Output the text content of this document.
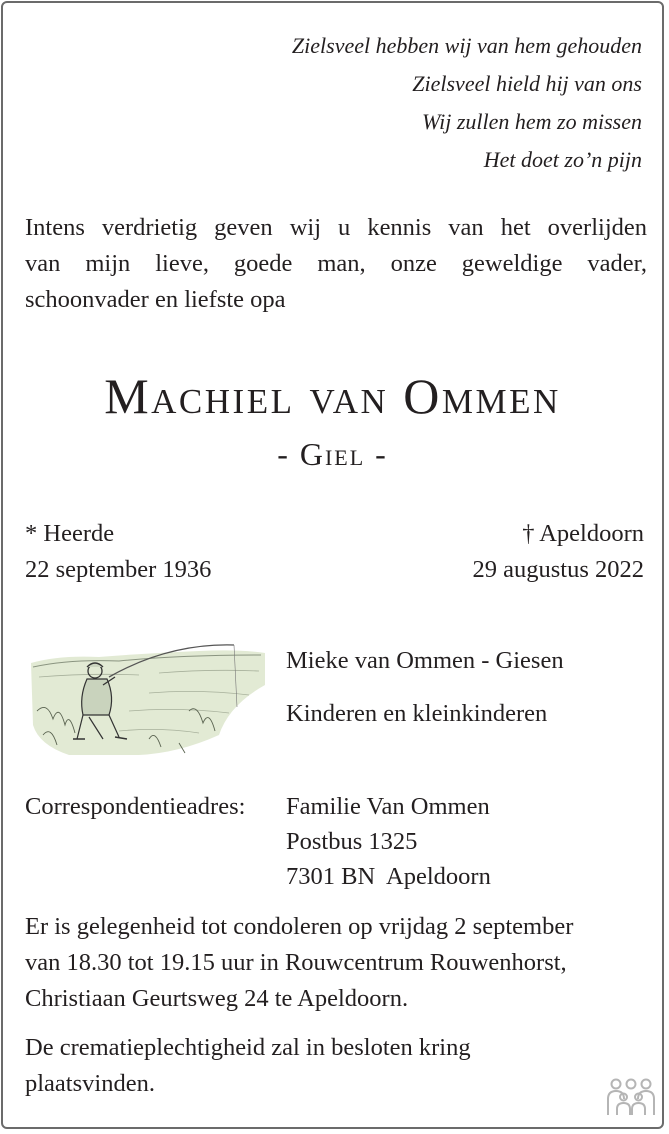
Zielsveel hebben wij van hem gehouden
Zielsveel hield hij van ons
Wij zullen hem zo missen
Het doet zo’n pijn
Intens verdrietig geven wij u kennis van het overlijden
van mijn lieve, goede man, onze geweldige vader,
schoonvader en liefste opa
Machiel van Ommen
- Giel -
* Heerde
22 september 1936
† Apeldoorn
29 augustus 2022
Mieke van Ommen - Giesen
Kinderen en kleinkinderen
Correspondentieadres: Familie Van Ommen
Postbus 1325
7301 BN  Apeldoorn
Er is gelegenheid tot condoleren op vrijdag 2 september
van 18.30 tot 19.15 uur in Rouwcentrum Rouwenhorst,
Christiaan Geurtsweg 24 te Apeldoorn.
De crematieplechtigheid zal in besloten kring
plaatsvinden.
